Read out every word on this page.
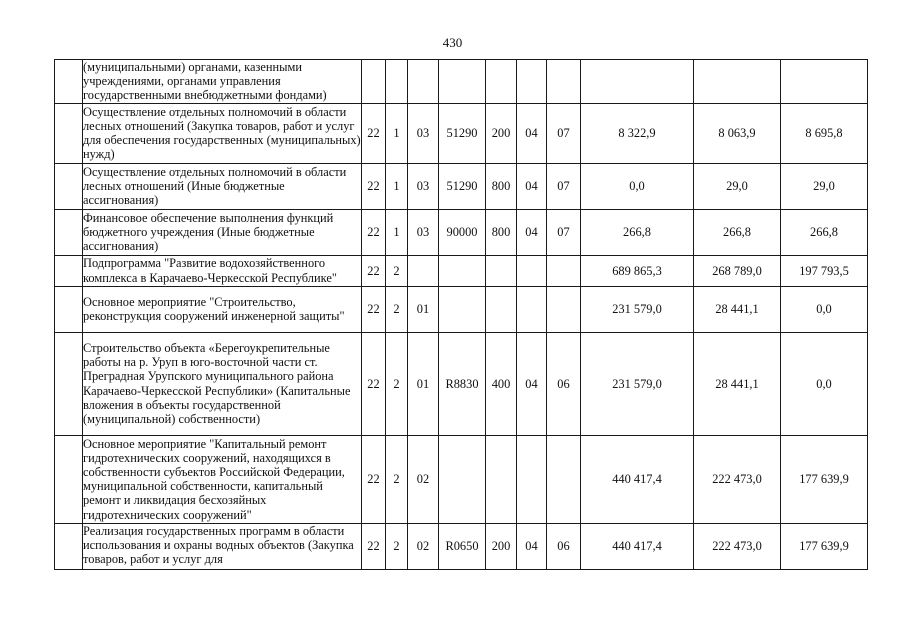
430

	(муниципальными) органами, казенными учреждениями, органами управления государственными внебюджетными фондами)										

	Осуществление отдельных полномочий в области лесных отношений (Закупка товаров, работ и услуг для обеспечения государственных (муниципальных) нужд)	22	1	03	51290	200	04	07	8 322,9	8 063,9	8 695,8

	Осуществление отдельных полномочий в области лесных отношений (Иные бюджетные ассигнования)	22	1	03	51290	800	04	07	0,0	29,0	29,0

	Финансовое обеспечение выполнения функций бюджетного учреждения (Иные бюджетные ассигнования)	22	1	03	90000	800	04	07	266,8	266,8	266,8

	Подпрограмма "Развитие водохозяйственного комплекса в Карачаево-Черкесской Республике"	22	2						689 865,3	268 789,0	197 793,5

	Основное мероприятие "Строительство, реконструкция сооружений инженерной защиты"	22	2	01					231 579,0	28 441,1	0,0

	Строительство объекта «Берегоукрепительные работы на р. Уруп в юго-восточной части ст. Преградная Урупского муниципального района Карачаево-Черкесской Республики» (Капитальные вложения в объекты государственной (муниципальной) собственности)	22	2	01	R8830	400	04	06	231 579,0	28 441,1	0,0

	Основное мероприятие "Капитальный ремонт гидротехнических сооружений, находящихся в собственности субъектов Российской Федерации, муниципальной собственности, капитальный ремонт и ликвидация бесхозяйных гидротехнических сооружений"	22	2	02					440 417,4	222 473,0	177 639,9

	Реализация государственных программ в области использования и охраны водных объектов (Закупка товаров, работ и услуг для	22	2	02	R0650	200	04	06	440 417,4	222 473,0	177 639,9
